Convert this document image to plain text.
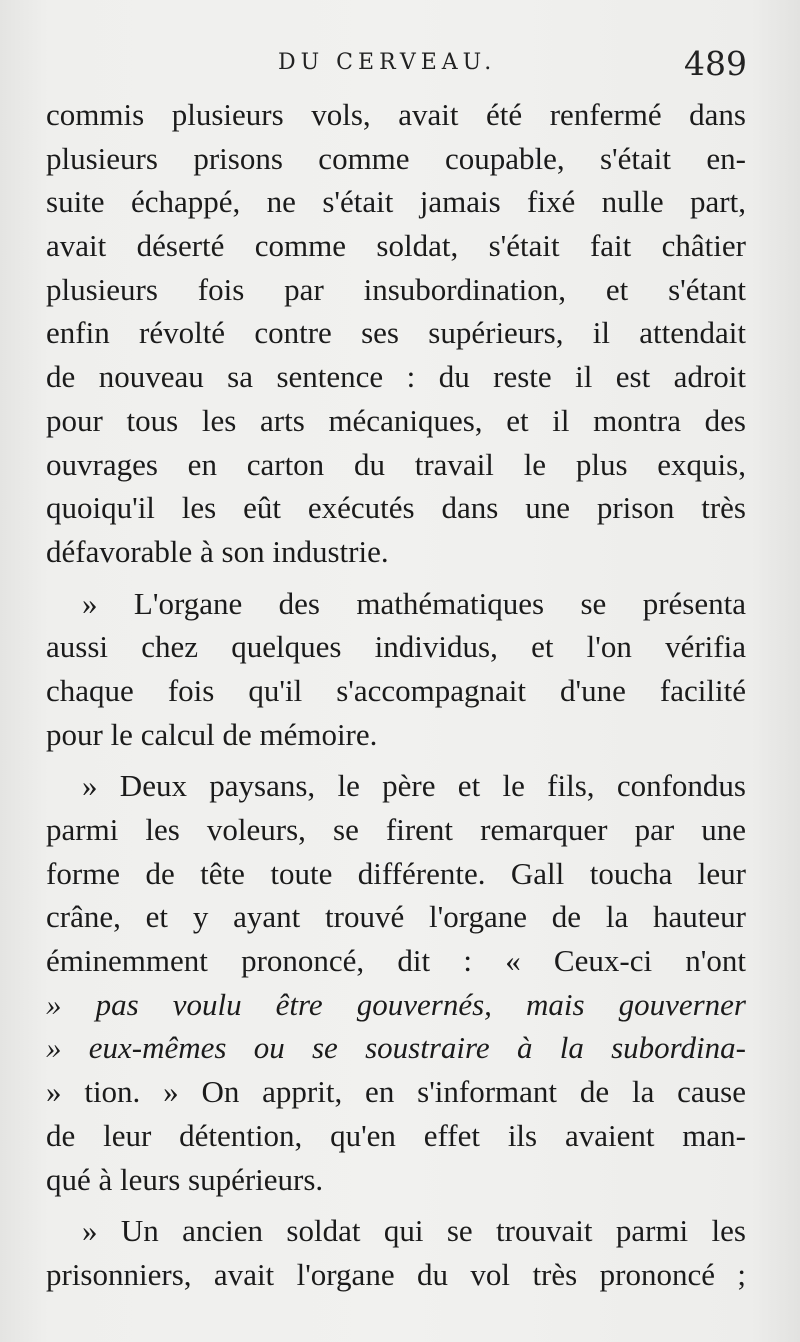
DU CERVEAU.	489
commis plusieurs vols, avait été renfermé dans
plusieurs prisons comme coupable, s'était en-
suite échappé, ne s'était jamais fixé nulle part,
avait déserté comme soldat, s'était fait châtier
plusieurs fois par insubordination, et s'étant
enfin révolté contre ses supérieurs, il attendait
de nouveau sa sentence : du reste il est adroit
pour tous les arts mécaniques, et il montra des
ouvrages en carton du travail le plus exquis,
quoiqu'il les eût exécutés dans une prison très
défavorable à son industrie.
» L'organe des mathématiques se présenta
aussi chez quelques individus, et l'on vérifia
chaque fois qu'il s'accompagnait d'une facilité
pour le calcul de mémoire.
» Deux paysans, le père et le fils, confondus
parmi les voleurs, se firent remarquer par une
forme de tête toute différente. Gall toucha leur
crâne, et y ayant trouvé l'organe de la hauteur
éminemment prononcé, dit : « Ceux-ci n'ont
» pas voulu être gouvernés, mais gouverner
» eux-mêmes ou se soustraire à la subordina-
» tion. » On apprit, en s'informant de la cause
de leur détention, qu'en effet ils avaient man-
qué à leurs supérieurs.
» Un ancien soldat qui se trouvait parmi les
prisonniers, avait l'organe du vol très prononcé ;
